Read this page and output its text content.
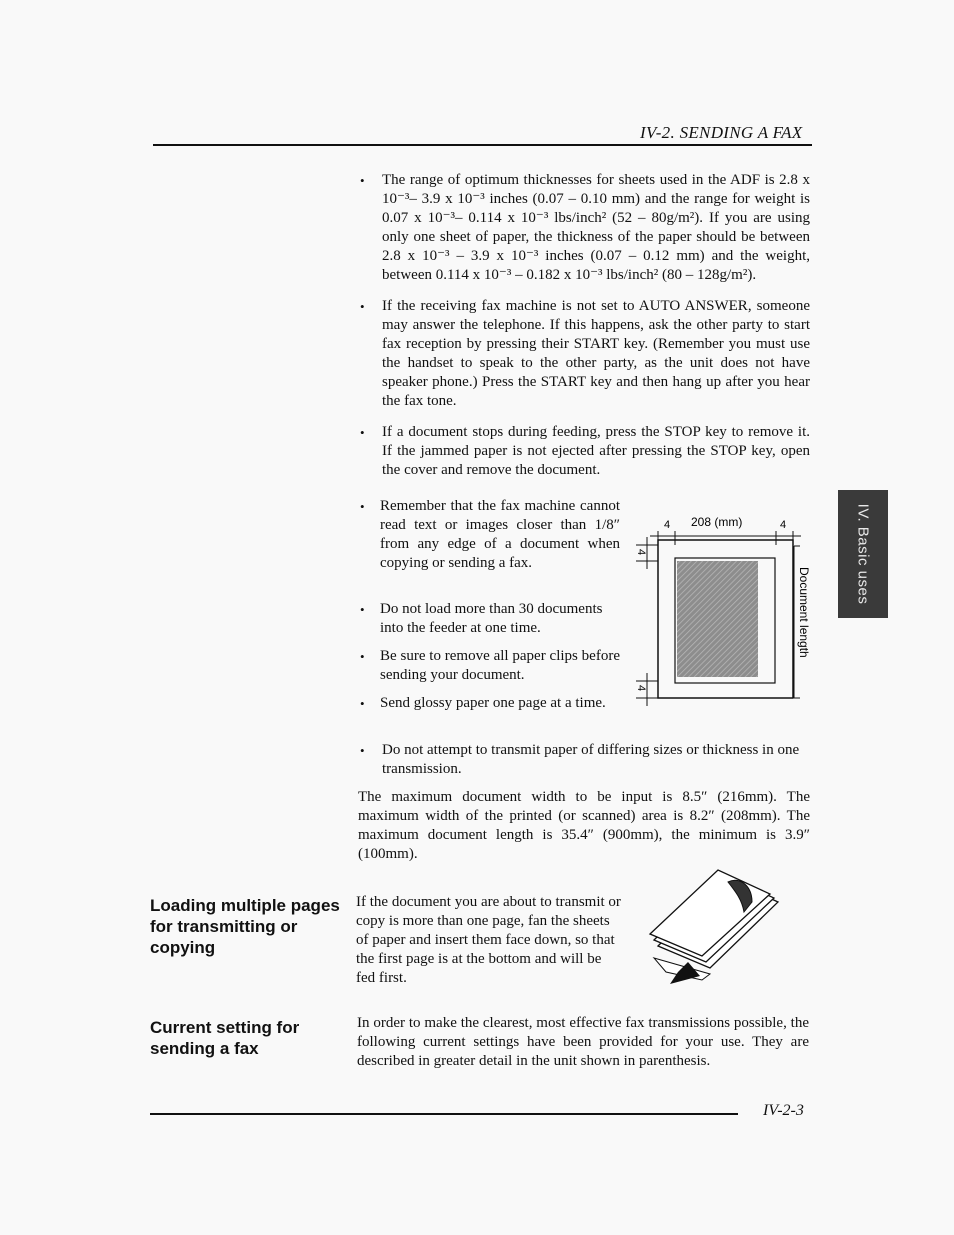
IV-2. SENDING A FAX
IV. Basic uses

• The range of optimum thicknesses for sheets used in the ADF is 2.8 x 10⁻³– 3.9 x 10⁻³ inches (0.07 – 0.10 mm) and the range for weight is 0.07 x 10⁻³– 0.114 x 10⁻³ lbs/inch² (52 – 80g/m²). If you are using only one sheet of paper, the thickness of the paper should be between 2.8 x 10⁻³ – 3.9 x 10⁻³ inches (0.07 – 0.12 mm) and the weight, between 0.114 x 10⁻³ – 0.182 x 10⁻³ lbs/inch² (80 – 128g/m²).

• If the receiving fax machine is not set to AUTO ANSWER, someone may answer the telephone. If this happens, ask the other party to start fax reception by pressing their START key. (Remember you must use the handset to speak to the other party, as the unit does not have speaker phone.) Press the START key and then hang up after you hear the fax tone.

• If a document stops during feeding, press the STOP key to remove it. If the jammed paper is not ejected after pressing the STOP key, open the cover and remove the document.

• Remember that the fax machine cannot read text or images closer than 1/8″ from any edge of a document when copying or sending a fax.

• Do not load more than 30 documents into the feeder at one time.

• Be sure to remove all paper clips before sending your document.

• Send glossy paper one page at a time.

4 208 (mm)	4
4
4
Document length

• Do not attempt to transmit paper of differing sizes or thickness in one transmission.

The maximum document width to be input is 8.5″ (216mm). The maximum width of the printed (or scanned) area is 8.2″ (208mm). The maximum document length is 35.4″ (900mm), the minimum is 3.9″ (100mm).

Loading multiple pages for transmitting or copying

If the document you are about to transmit or copy is more than one page, fan the sheets of paper and insert them face down, so that the first page is at the bottom and will be fed first.

Current setting for sending a fax

In order to make the clearest, most effective fax transmissions possible, the following current settings have been provided for your use. They are described in greater detail in the unit shown in parenthesis.

IV-2-3
